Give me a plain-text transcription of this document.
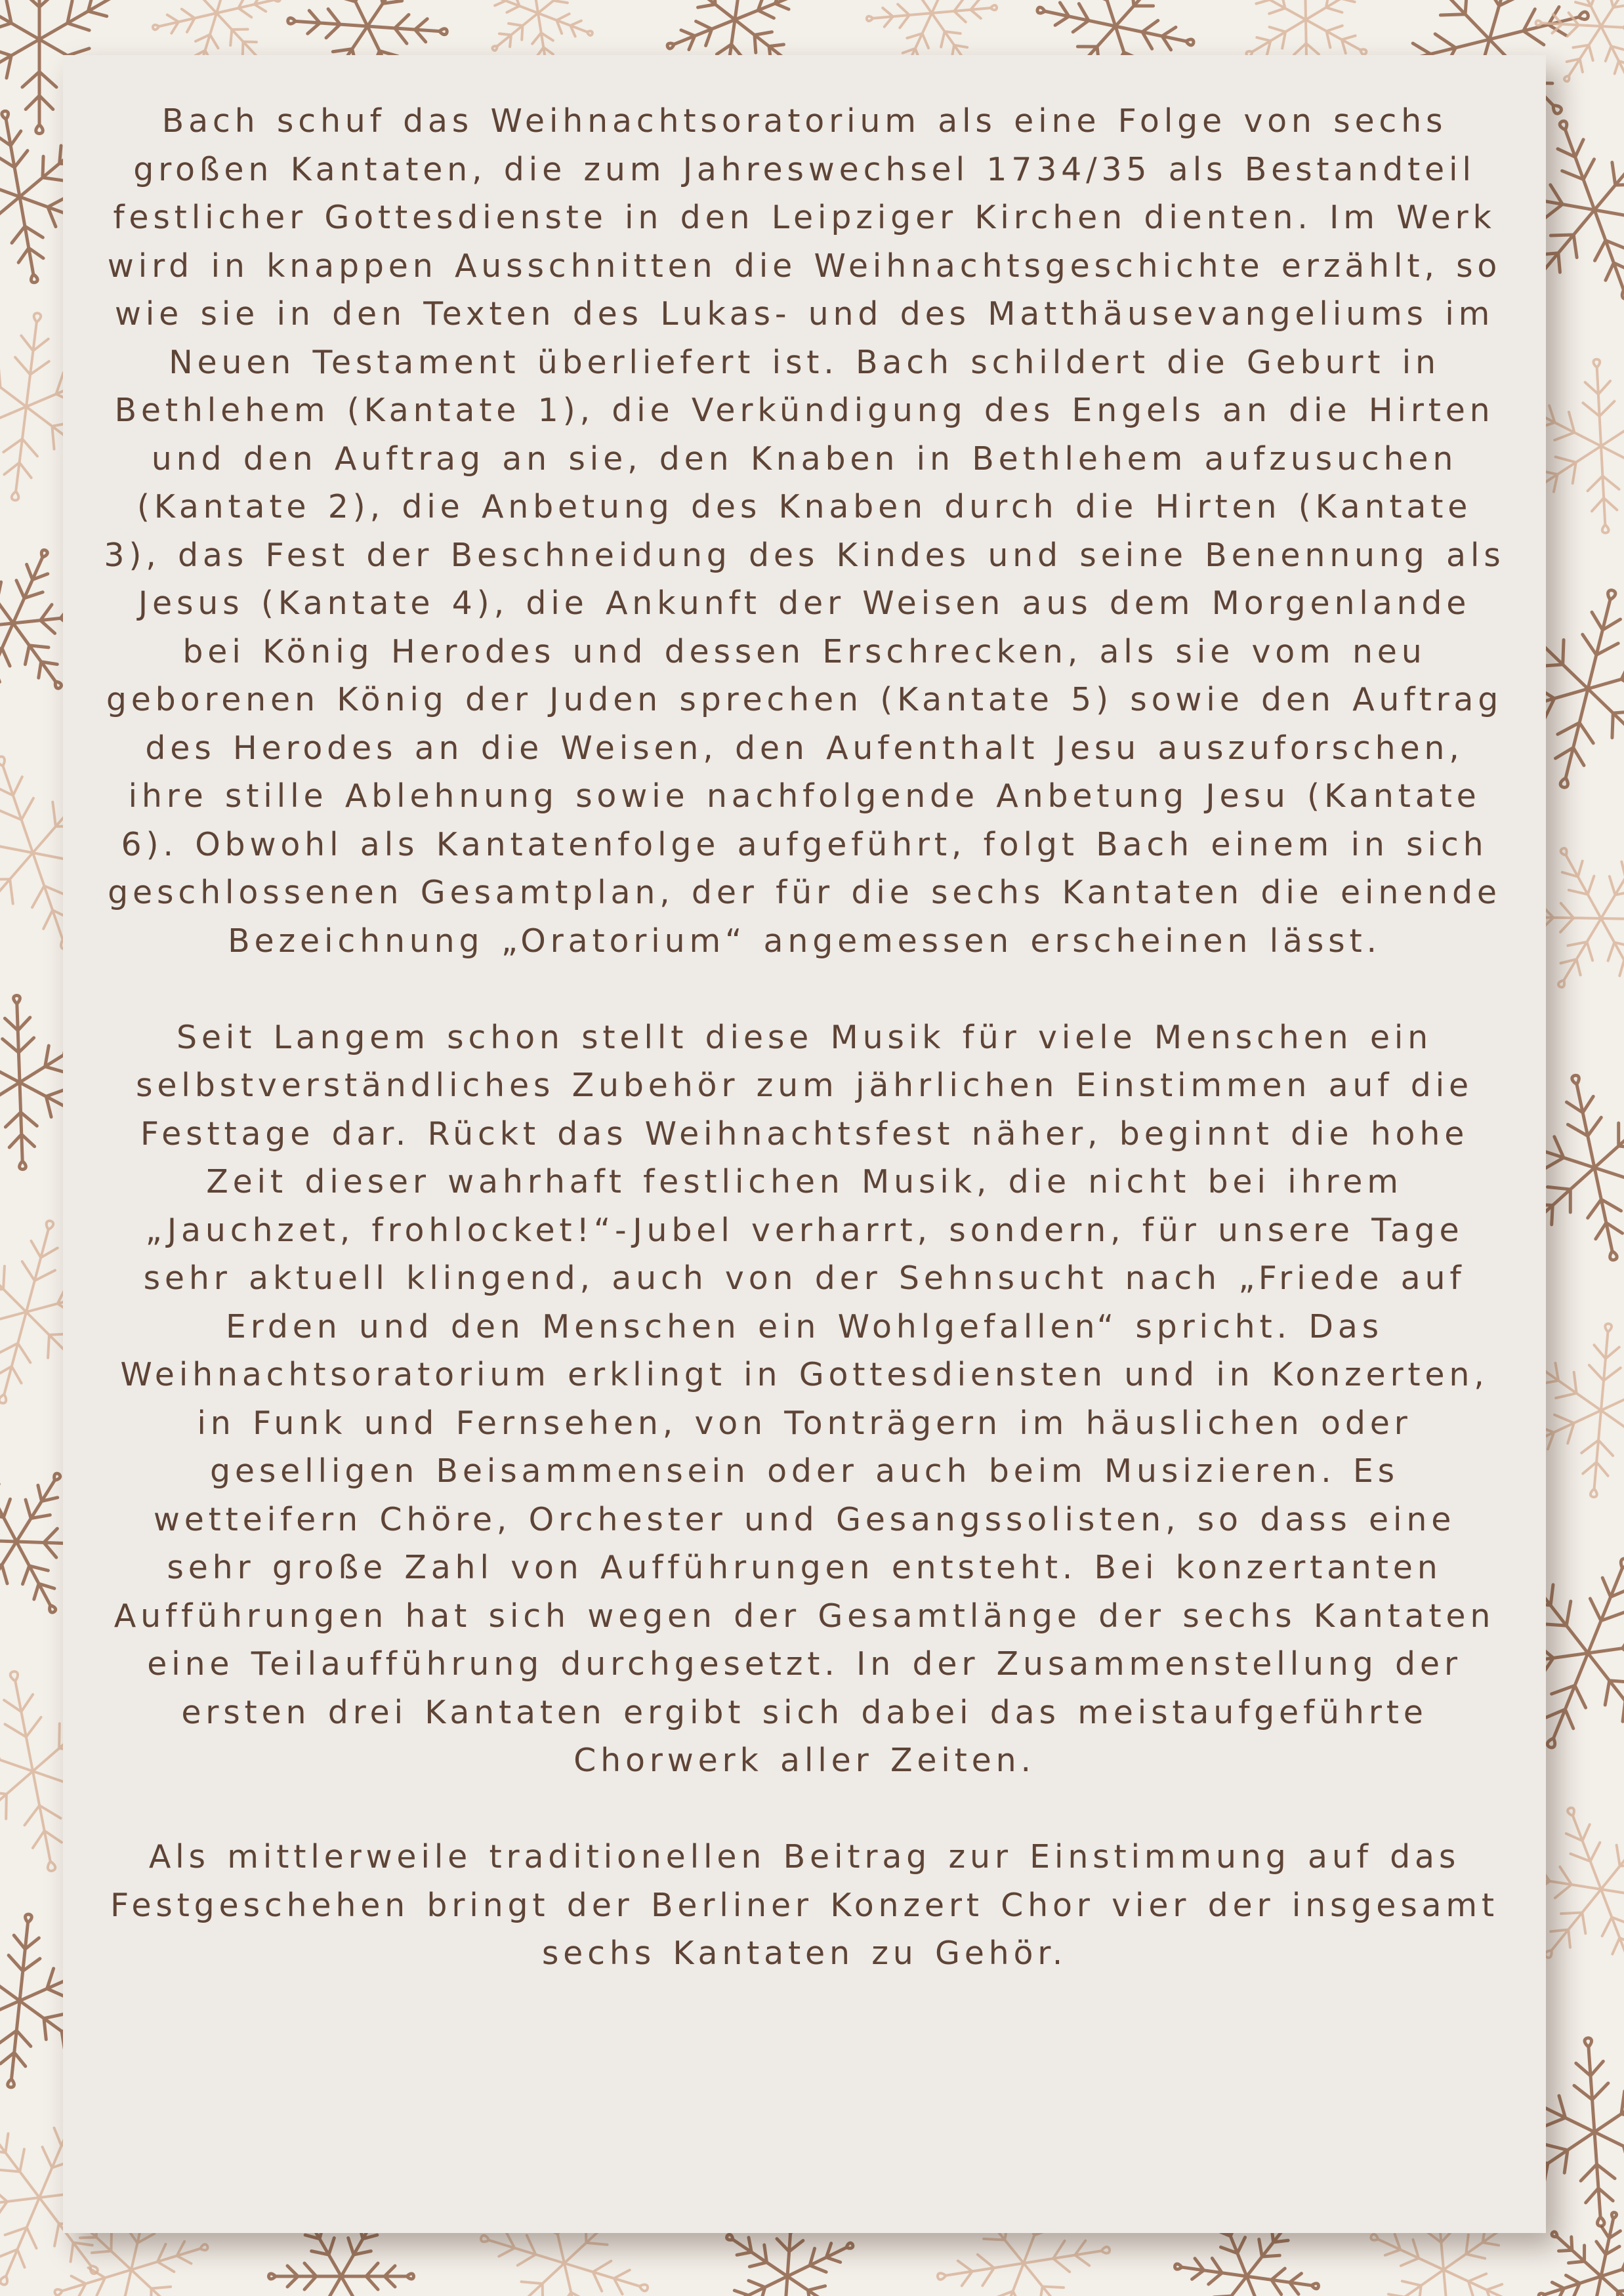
Bach schuf das Weihnachtsoratorium als eine Folge von sechs großen Kantaten, die zum Jahreswechsel 1734/35 als Bestandteil festlicher Gottesdienste in den Leipziger Kirchen dienten. Im Werk wird in knappen Ausschnitten die Weihnachtsgeschichte erzählt, so wie sie in den Texten des Lukas- und des Matthäusevangeliums im Neuen Testament überliefert ist. Bach schildert die Geburt in Bethlehem (Kantate 1), die Verkündigung des Engels an die Hirten und den Auftrag an sie, den Knaben in Bethlehem aufzusuchen (Kantate 2), die Anbetung des Knaben durch die Hirten (Kantate 3), das Fest der Beschneidung des Kindes und seine Benennung als Jesus (Kantate 4), die Ankunft der Weisen aus dem Morgenlande bei König Herodes und dessen Erschrecken, als sie vom neu geborenen König der Juden sprechen (Kantate 5) sowie den Auftrag des Herodes an die Weisen, den Aufenthalt Jesu auszuforschen, ihre stille Ablehnung sowie nachfolgende Anbetung Jesu (Kantate 6). Obwohl als Kantatenfolge aufgeführt, folgt Bach einem in sich geschlossenen Gesamtplan, der für die sechs Kantaten die einende Bezeichnung „Oratorium“ angemessen erscheinen lässt.

Seit Langem schon stellt diese Musik für viele Menschen ein selbstverständliches Zubehör zum jährlichen Einstimmen auf die Festtage dar. Rückt das Weihnachtsfest näher, beginnt die hohe Zeit dieser wahrhaft festlichen Musik, die nicht bei ihrem „Jauchzet, frohlocket!“-Jubel verharrt, sondern, für unsere Tage sehr aktuell klingend, auch von der Sehnsucht nach „Friede auf Erden und den Menschen ein Wohlgefallen“ spricht. Das Weihnachtsoratorium erklingt in Gottesdiensten und in Konzerten, in Funk und Fernsehen, von Tonträgern im häuslichen oder geselligen Beisammensein oder auch beim Musizieren. Es wetteifern Chöre, Orchester und Gesangssolisten, so dass eine sehr große Zahl von Aufführungen entsteht. Bei konzertanten Aufführungen hat sich wegen der Gesamtlänge der sechs Kantaten eine Teilaufführung durchgesetzt. In der Zusammenstellung der ersten drei Kantaten ergibt sich dabei das meistaufgeführte Chorwerk aller Zeiten.

Als mittlerweile traditionellen Beitrag zur Einstimmung auf das Festgeschehen bringt der Berliner Konzert Chor vier der insgesamt sechs Kantaten zu Gehör.
